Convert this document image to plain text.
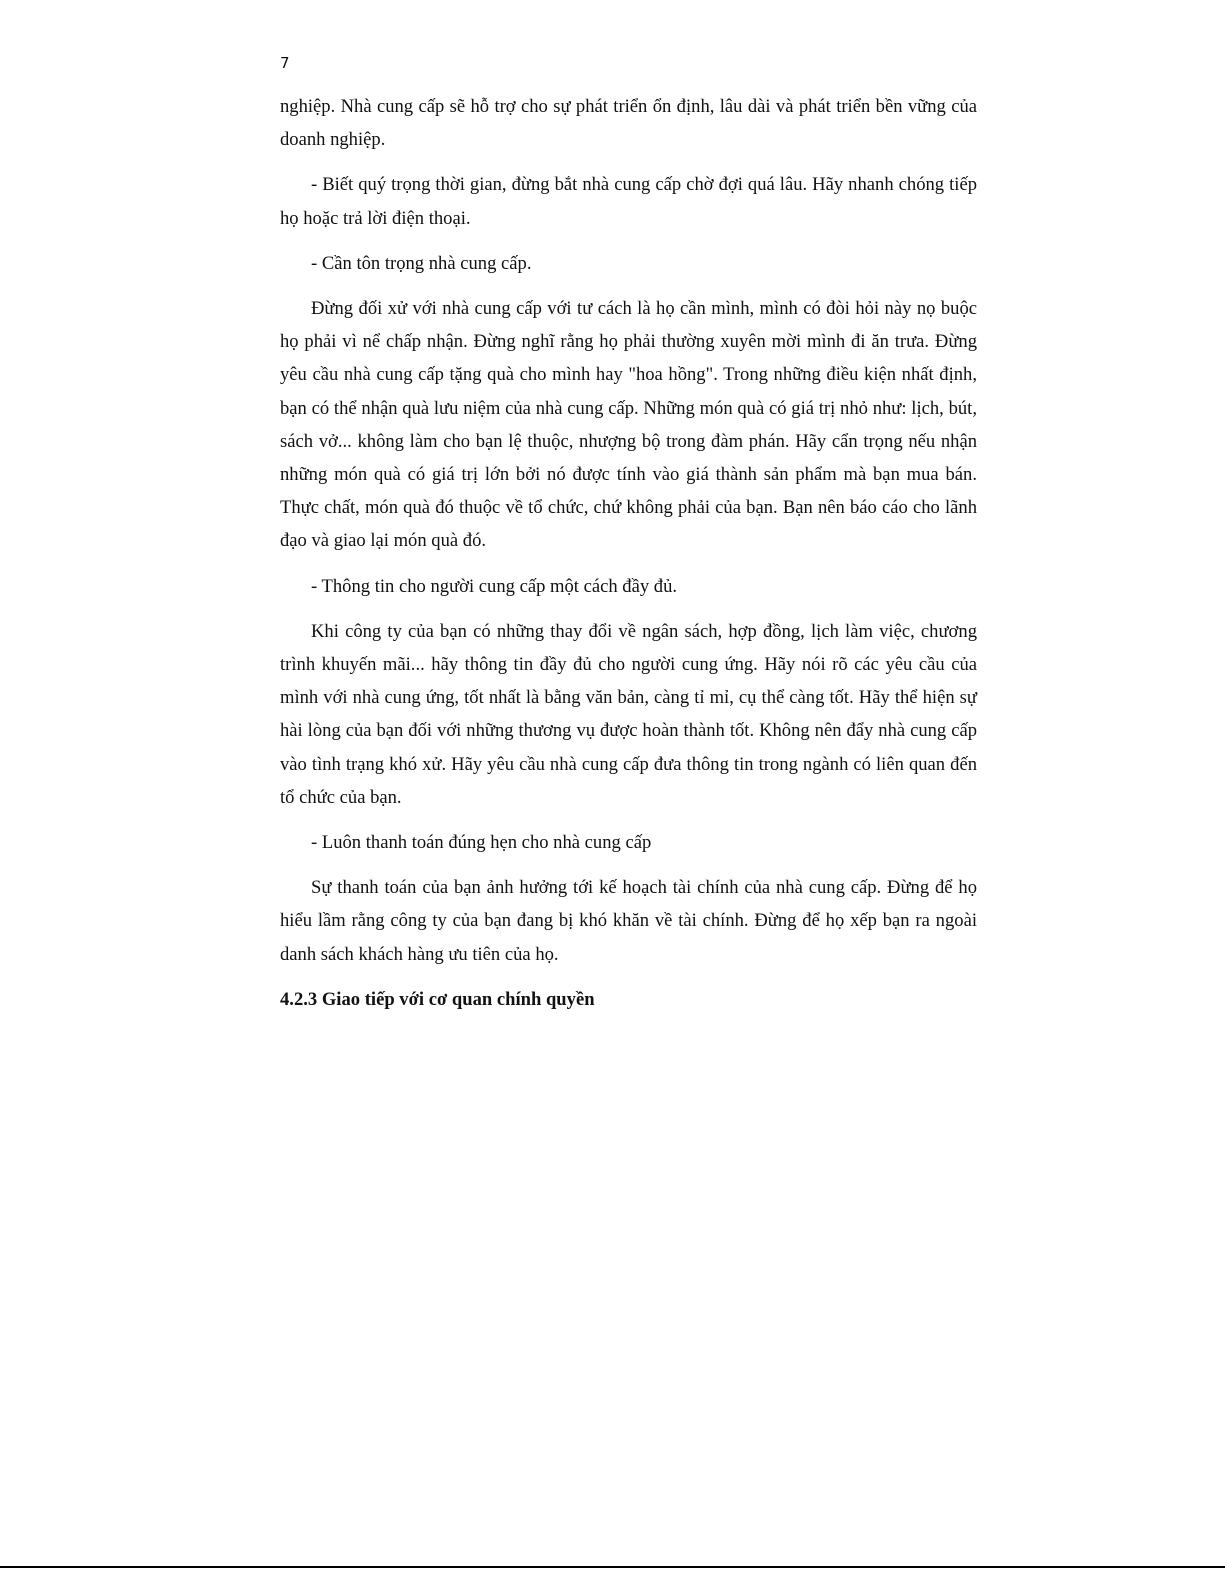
7

nghiệp. Nhà cung cấp sẽ hỗ trợ cho sự phát triển ổn định, lâu dài và phát triển bền vững của doanh nghiệp.

- Biết quý trọng thời gian, đừng bắt nhà cung cấp chờ đợi quá lâu. Hãy nhanh chóng tiếp họ hoặc trả lời điện thoại.

- Cần tôn trọng nhà cung cấp.

Đừng đối xử với nhà cung cấp với tư cách là họ cần mình, mình có đòi hỏi này nọ buộc họ phải vì nể chấp nhận. Đừng nghĩ rằng họ phải thường xuyên mời mình đi ăn trưa. Đừng yêu cầu nhà cung cấp tặng quà cho mình hay "hoa hồng". Trong những điều kiện nhất định, bạn có thể nhận quà lưu niệm của nhà cung cấp. Những món quà có giá trị nhỏ như: lịch, bút, sách vở... không làm cho bạn lệ thuộc, nhượng bộ trong đàm phán. Hãy cẩn trọng nếu nhận những món quà có giá trị lớn bởi nó được tính vào giá thành sản phẩm mà bạn mua bán. Thực chất, món quà đó thuộc về tổ chức, chứ không phải của bạn. Bạn nên báo cáo cho lãnh đạo và giao lại món quà đó.

- Thông tin cho người cung cấp một cách đầy đủ.

Khi công ty của bạn có những thay đổi về ngân sách, hợp đồng, lịch làm việc, chương trình khuyến mãi... hãy thông tin đầy đủ cho người cung ứng. Hãy nói rõ các yêu cầu của mình với nhà cung ứng, tốt nhất là bằng văn bản, càng tỉ mỉ, cụ thể càng tốt. Hãy thể hiện sự hài lòng của bạn đối với những thương vụ được hoàn thành tốt. Không nên đẩy nhà cung cấp vào tình trạng khó xử. Hãy yêu cầu nhà cung cấp đưa thông tin trong ngành có liên quan đến tổ chức của bạn.

- Luôn thanh toán đúng hẹn cho nhà cung cấp

Sự thanh toán của bạn ảnh hưởng tới kế hoạch tài chính của nhà cung cấp. Đừng để họ hiểu lầm rằng công ty của bạn đang bị khó khăn về tài chính. Đừng để họ xếp bạn ra ngoài danh sách khách hàng ưu tiên của họ.

4.2.3 Giao tiếp với cơ quan chính quyền
